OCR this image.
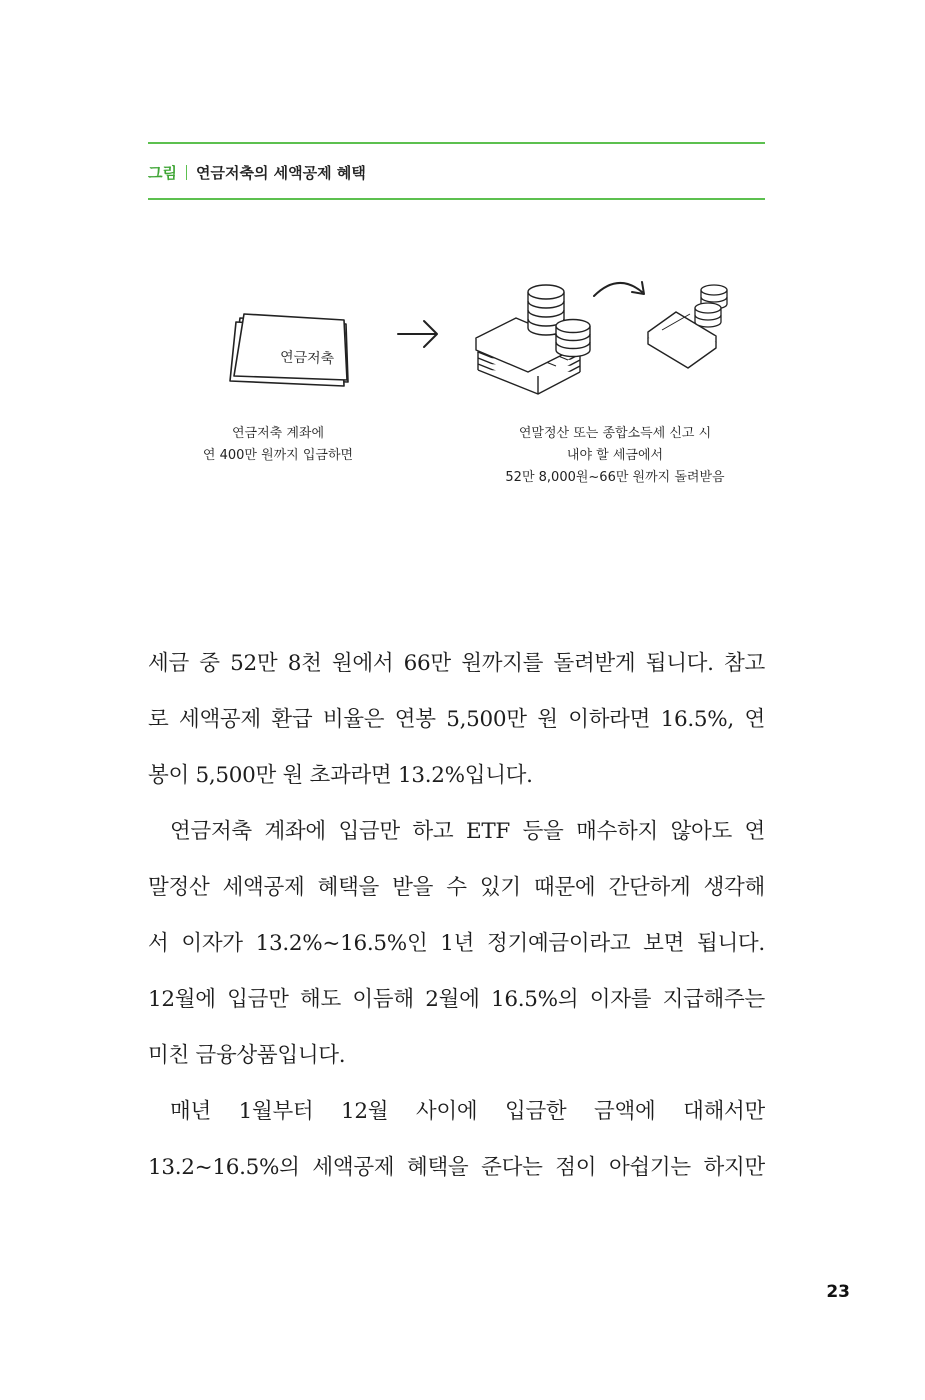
그림 연금저축의 세액공제 혜택
연금저축
연금저축 계좌에
연 400만 원까지 입금하면
연말정산 또는 종합소득세 신고 시
내야 할 세금에서
52만 8,000원~66만 원까지 돌려받음
세금 중 52만 8천 원에서 66만 원까지를 돌려받게 됩니다. 참고
로 세액공제 환급 비율은 연봉 5,500만 원 이하라면 16.5%, 연
봉이 5,500만 원 초과라면 13.2%입니다.
연금저축 계좌에 입금만 하고 ETF 등을 매수하지 않아도 연
말정산 세액공제 혜택을 받을 수 있기 때문에 간단하게 생각해
서 이자가 13.2%~16.5%인 1년 정기예금이라고 보면 됩니다.
12월에 입금만 해도 이듬해 2월에 16.5%의 이자를 지급해주는
미친 금융상품입니다.
매년 1월부터 12월 사이에 입금한 금액에 대해서만
13.2~16.5%의 세액공제 혜택을 준다는 점이 아쉽기는 하지만
23
